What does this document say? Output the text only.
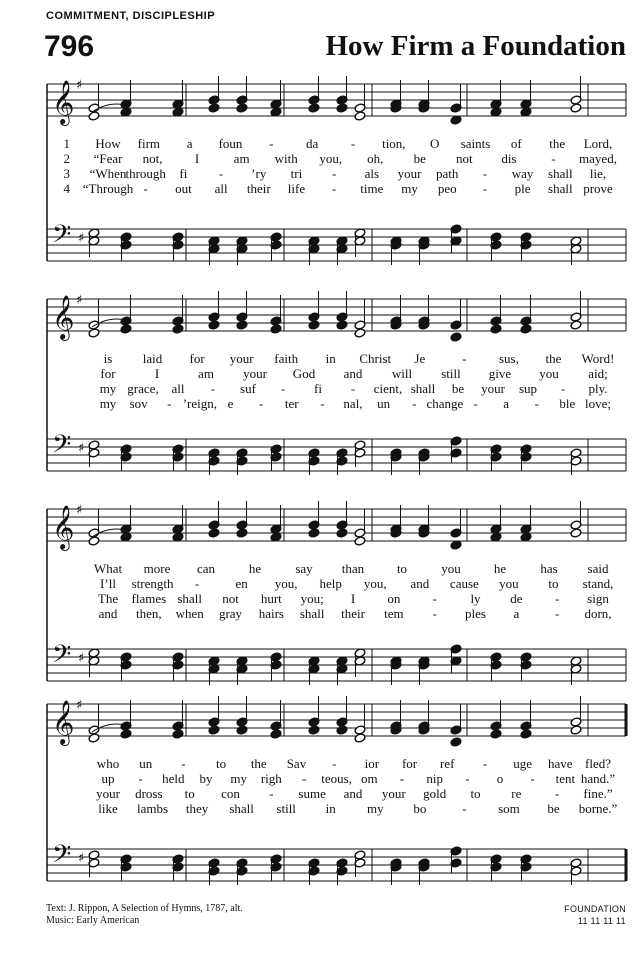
COMMITMENT, DISCIPLESHIP
796	How Firm a Foundation
𝄞 ♯
𝄢 ♯
1 How firm a foun -	da	- tion, O saints of the Lord,
2 “Fear not, I	am with you, oh, be not dis	- mayed,
3 “When through fi - ’ry tri - als your path - way shall lie,
4 “Through - out all their life - time my peo - ple shall prove
𝄞 ♯
𝄢 ♯
is laid for your faith in Christ Je	- sus, the Word!
for	I	am your God and will still give you aid;
my grace, all - suf - fi - cient, shall be your sup - ply.
my sov - ’reign, e - ter - nal, un - change - a - ble love;
𝄞 ♯
𝄢 ♯
What more can	he	say than	to	you	he	has said
I’ll strength -	en you, help you, and cause you to stand,
The flames shall not hurt you; I on -	ly de	- sign
and then, when gray hairs shall their tem - ples a	- dorn,
𝄞 ♯
𝄢 ♯
who un - to the Sav - ior for ref - uge have fled?
up - held by my righ - teous, om - nip - o - tent hand.”
your dross to con - sume and your gold to re	- fine.”
like lambs they shall still in my bo	- som be borne.”
Text: J. Rippon, A Selection of Hymns, 1787, alt.
Music: Early American
FOUNDATION
11 11 11 11
